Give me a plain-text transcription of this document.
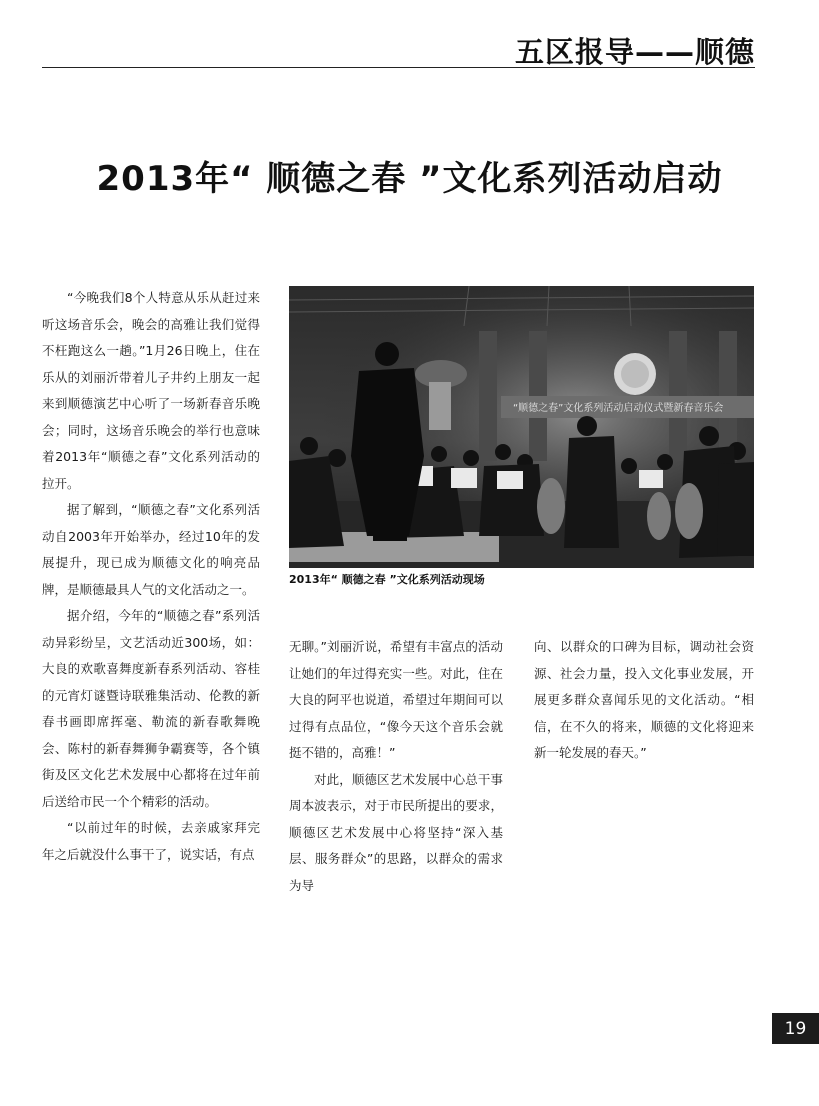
五区报导——顺德
2013年“ 顺德之春 ”文化系列活动启动

“今晚我们8个人特意从乐从赶过来听这场音乐会，晚会的高雅让我们觉得不枉跑这么一趟。”1月26日晚上，住在乐从的刘丽沂带着儿子井约上朋友一起来到顺德演艺中心听了一场新春音乐晚会；同时，这场音乐晚会的举行也意味着2013年“顺德之春”文化系列活动的拉开。

据了解到，“顺德之春”文化系列活动自2003年开始举办，经过10年的发展提升，现已成为顺德文化的响亮品牌，是顺德最具人气的文化活动之一。

据介绍，今年的“顺德之春”系列活动异彩纷呈，文艺活动近300场，如：大良的欢歌喜舞度新春系列活动、容桂的元宵灯谜暨诗联雅集活动、伦教的新春书画即席挥毫、勒流的新春歌舞晚会、陈村的新春舞狮争霸赛等，各个镇街及区文化艺术发展中心都将在过年前后送给市民一个个精彩的活动。

“以前过年的时候，去亲戚家拜完年之后就没什么事干了，说实话，有点

“顺德之春”文化系列活动启动仪式暨新春音乐会
2013年“ 顺德之春 ”文化系列活动现场

无聊。”刘丽沂说，希望有丰富点的活动让她们的年过得充实一些。对此，住在大良的阿平也说道，希望过年期间可以过得有点品位，“像今天这个音乐会就挺不错的，高雅！”

对此，顺德区艺术发展中心总干事周本波表示，对于市民所提出的要求，顺德区艺术发展中心将坚持“深入基层、服务群众”的思路，以群众的需求为导

向、以群众的口碑为目标，调动社会资源、社会力量，投入文化事业发展，开展更多群众喜闻乐见的文化活动。“相信，在不久的将来，顺德的文化将迎来新一轮发展的春天。”

19
